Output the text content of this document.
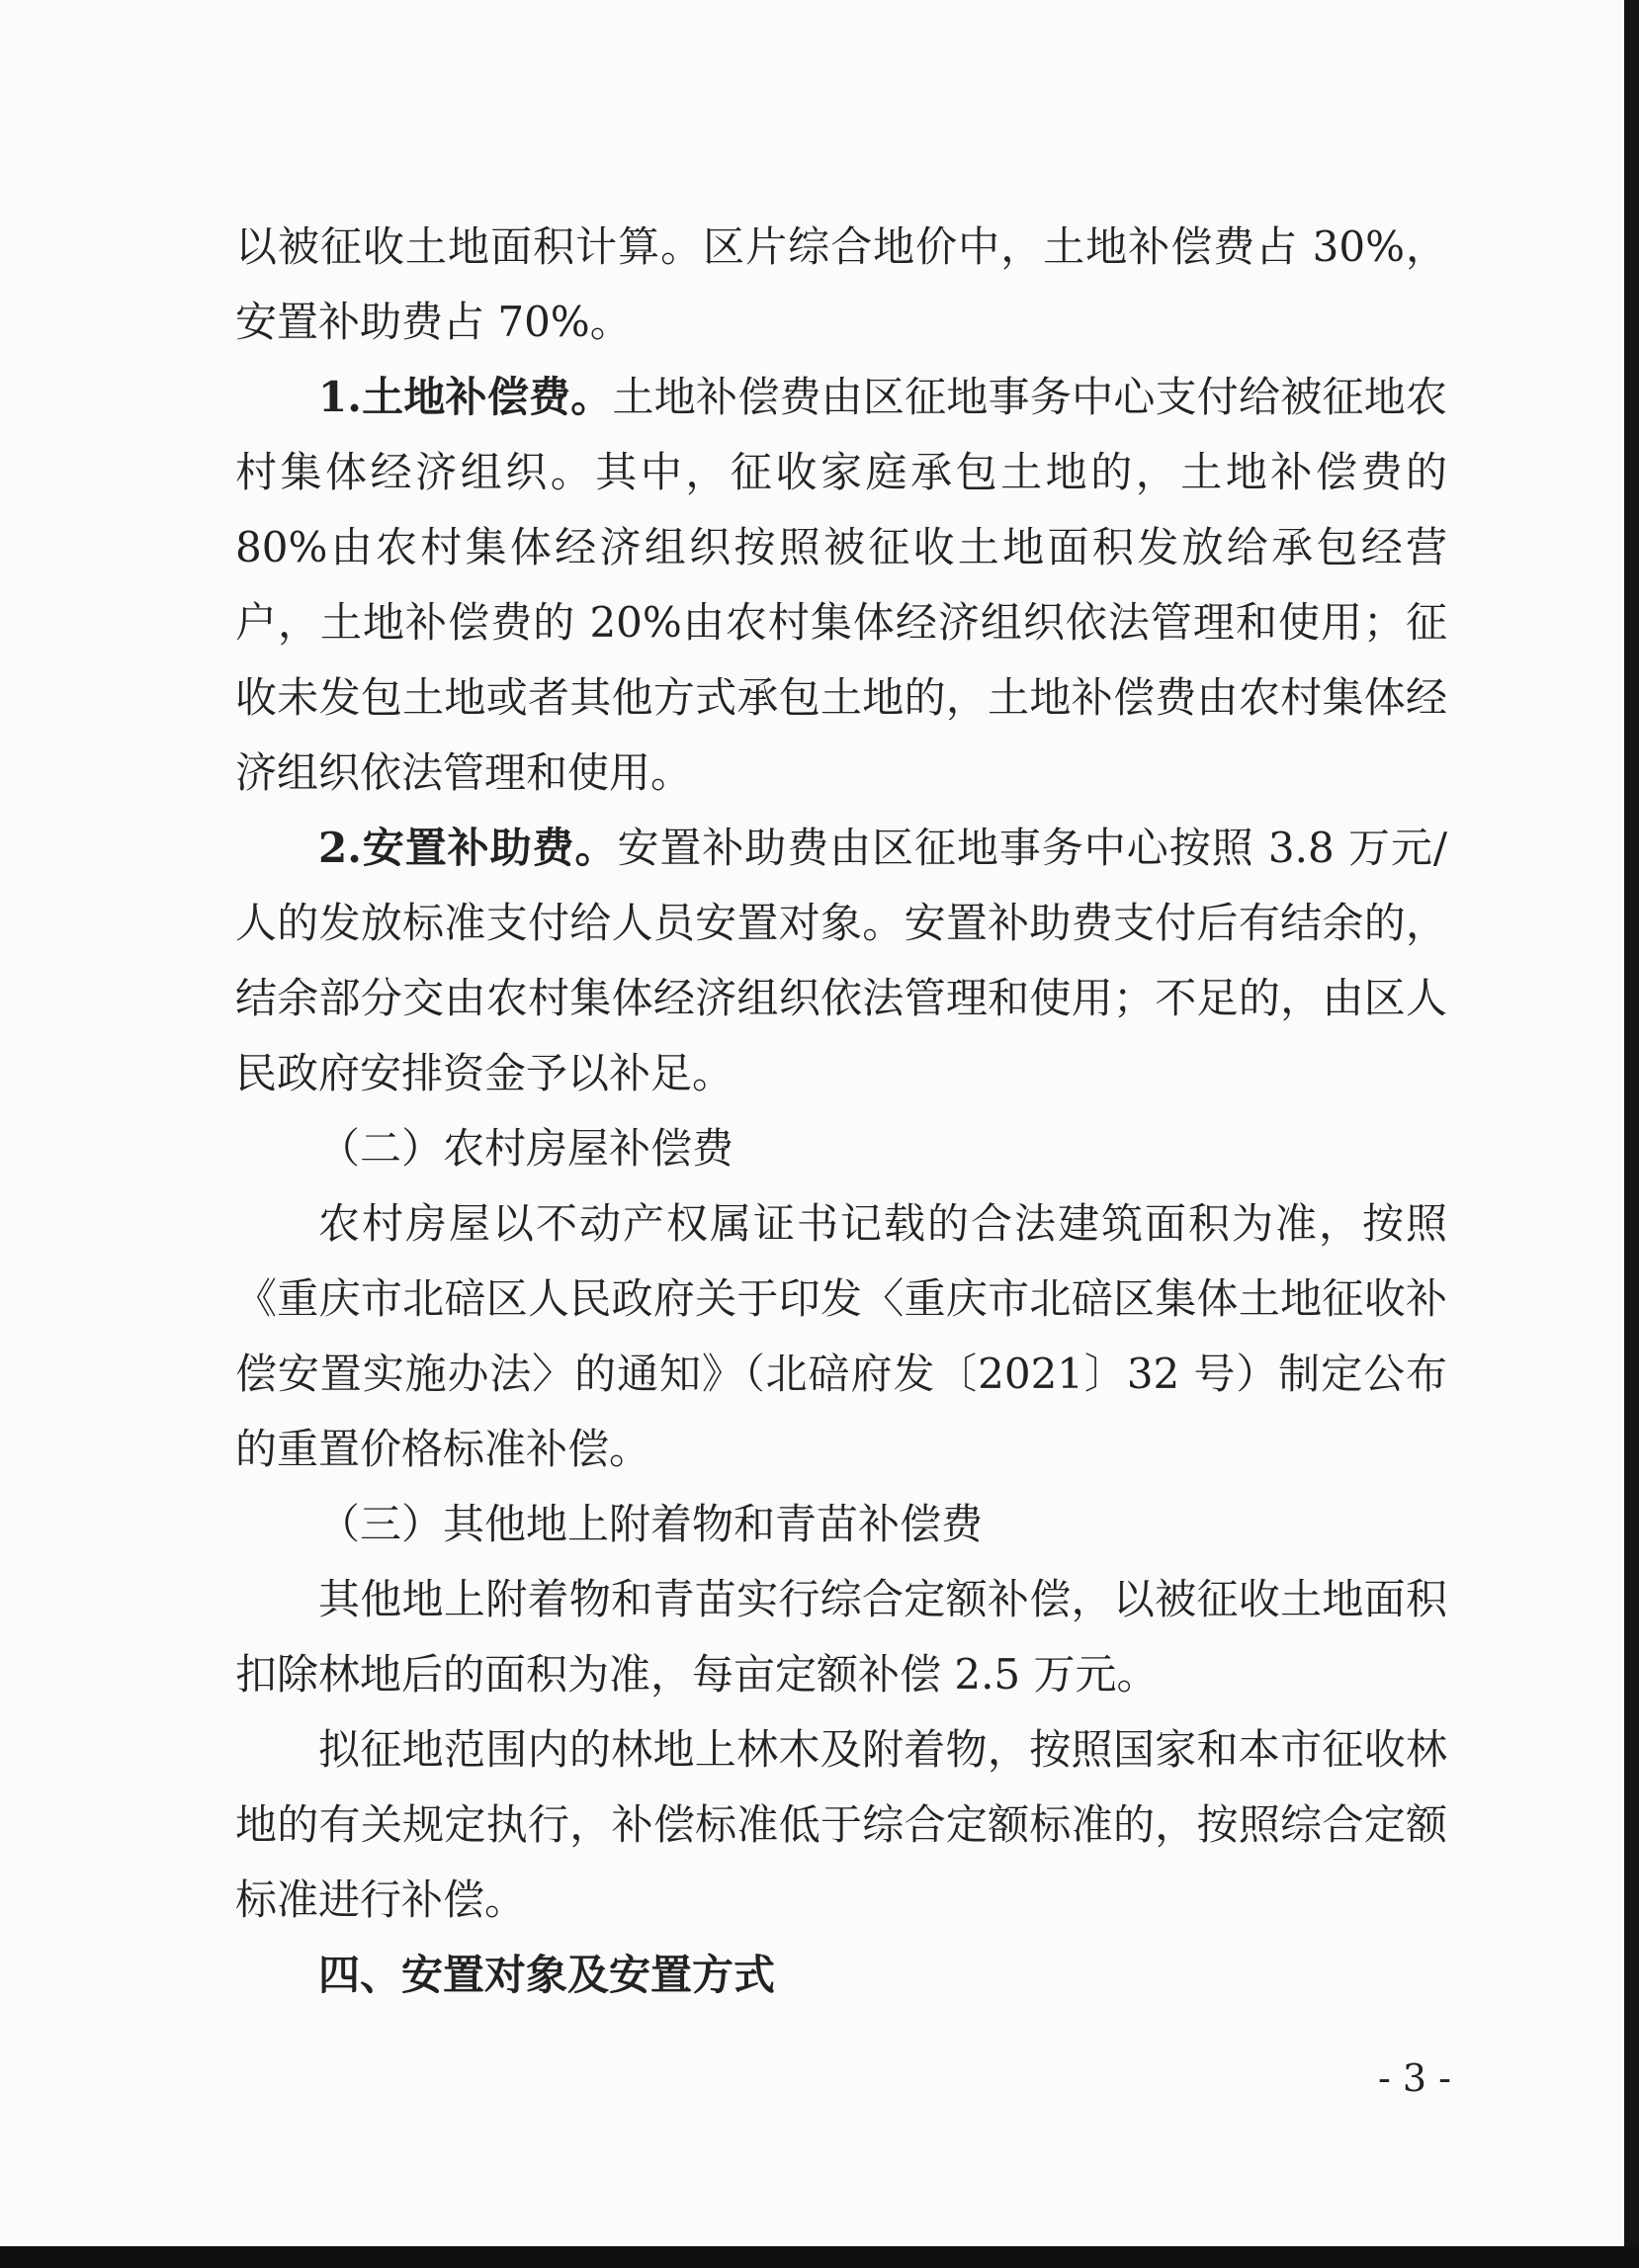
以被征收土地面积计算。区片综合地价中，土地补偿费占 30%，安置补助费占 70%。

1.土地补偿费。土地补偿费由区征地事务中心支付给被征地农村集体经济组织。其中，征收家庭承包土地的，土地补偿费的80%由农村集体经济组织按照被征收土地面积发放给承包经营户，土地补偿费的 20%由农村集体经济组织依法管理和使用；征收未发包土地或者其他方式承包土地的，土地补偿费由农村集体经济组织依法管理和使用。

2.安置补助费。安置补助费由区征地事务中心按照 3.8 万元/人的发放标准支付给人员安置对象。安置补助费支付后有结余的，结余部分交由农村集体经济组织依法管理和使用；不足的，由区人民政府安排资金予以补足。

（二）农村房屋补偿费

农村房屋以不动产权属证书记载的合法建筑面积为准，按照《重庆市北碚区人民政府关于印发〈重庆市北碚区集体土地征收补偿安置实施办法〉的通知》（北碚府发〔2021〕32 号）制定公布的重置价格标准补偿。

（三）其他地上附着物和青苗补偿费

其他地上附着物和青苗实行综合定额补偿，以被征收土地面积扣除林地后的面积为准，每亩定额补偿 2.5 万元。

拟征地范围内的林地上林木及附着物，按照国家和本市征收林地的有关规定执行，补偿标准低于综合定额标准的，按照综合定额标准进行补偿。

四、安置对象及安置方式

- 3 -
